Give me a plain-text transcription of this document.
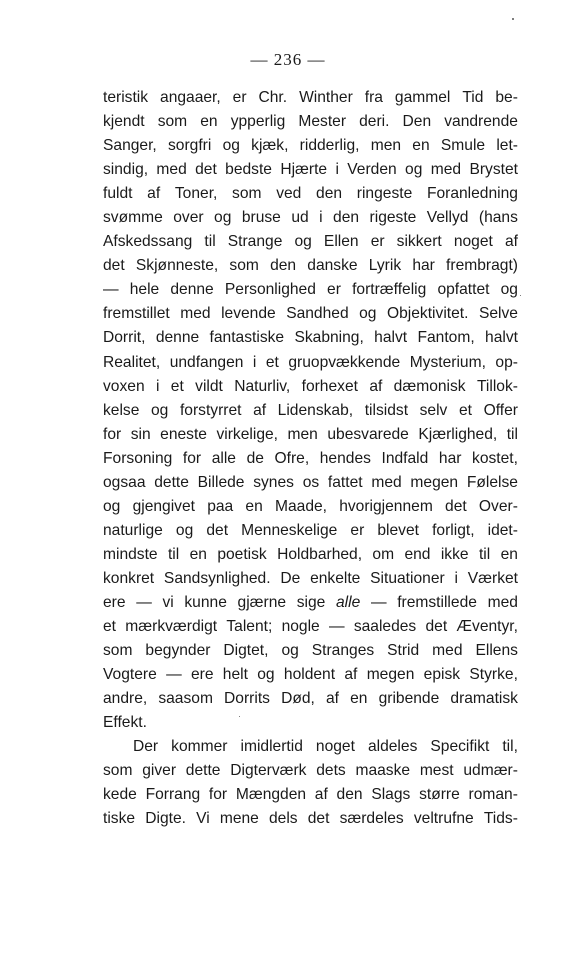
— 236 —
teristik angaaer, er Chr. Winther fra gammel Tid be-
kjendt som en ypperlig Mester deri. Den vandrende
Sanger, sorgfri og kjæk, ridderlig, men en Smule let-
sindig, med det bedste Hjærte i Verden og med Brystet
fuldt af Toner, som ved den ringeste Foranledning
svømme over og bruse ud i den rigeste Vellyd (hans
Afskedssang til Strange og Ellen er sikkert noget af
det Skjønneste, som den danske Lyrik har frembragt)
— hele denne Personlighed er fortræffelig opfattet og
fremstillet med levende Sandhed og Objektivitet. Selve
Dorrit, denne fantastiske Skabning, halvt Fantom, halvt
Realitet, undfangen i et gruopvækkende Mysterium, op-
voxen i et vildt Naturliv, forhexet af dæmonisk Tillok-
kelse og forstyrret af Lidenskab, tilsidst selv et Offer
for sin eneste virkelige, men ubesvarede Kjærlighed, til
Forsoning for alle de Ofre, hendes Indfald har kostet,
ogsaa dette Billede synes os fattet med megen Følelse
og gjengivet paa en Maade, hvorigjennem det Over-
naturlige og det Menneskelige er blevet forligt, idet-
mindste til en poetisk Holdbarhed, om end ikke til en
konkret Sandsynlighed. De enkelte Situationer i Værket
ere — vi kunne gjærne sige alle — fremstillede med
et mærkværdigt Talent; nogle — saaledes det Æventyr,
som begynder Digtet, og Stranges Strid med Ellens
Vogtere — ere helt og holdent af megen episk Styrke,
andre, saasom Dorrits Død, af en gribende dramatisk
Effekt.
Der kommer imidlertid noget aldeles Specifikt til,
som giver dette Digterværk dets maaske mest udmær-
kede Forrang for Mængden af den Slags større roman-
tiske Digte. Vi mene dels det særdeles veltrufne Tids-
